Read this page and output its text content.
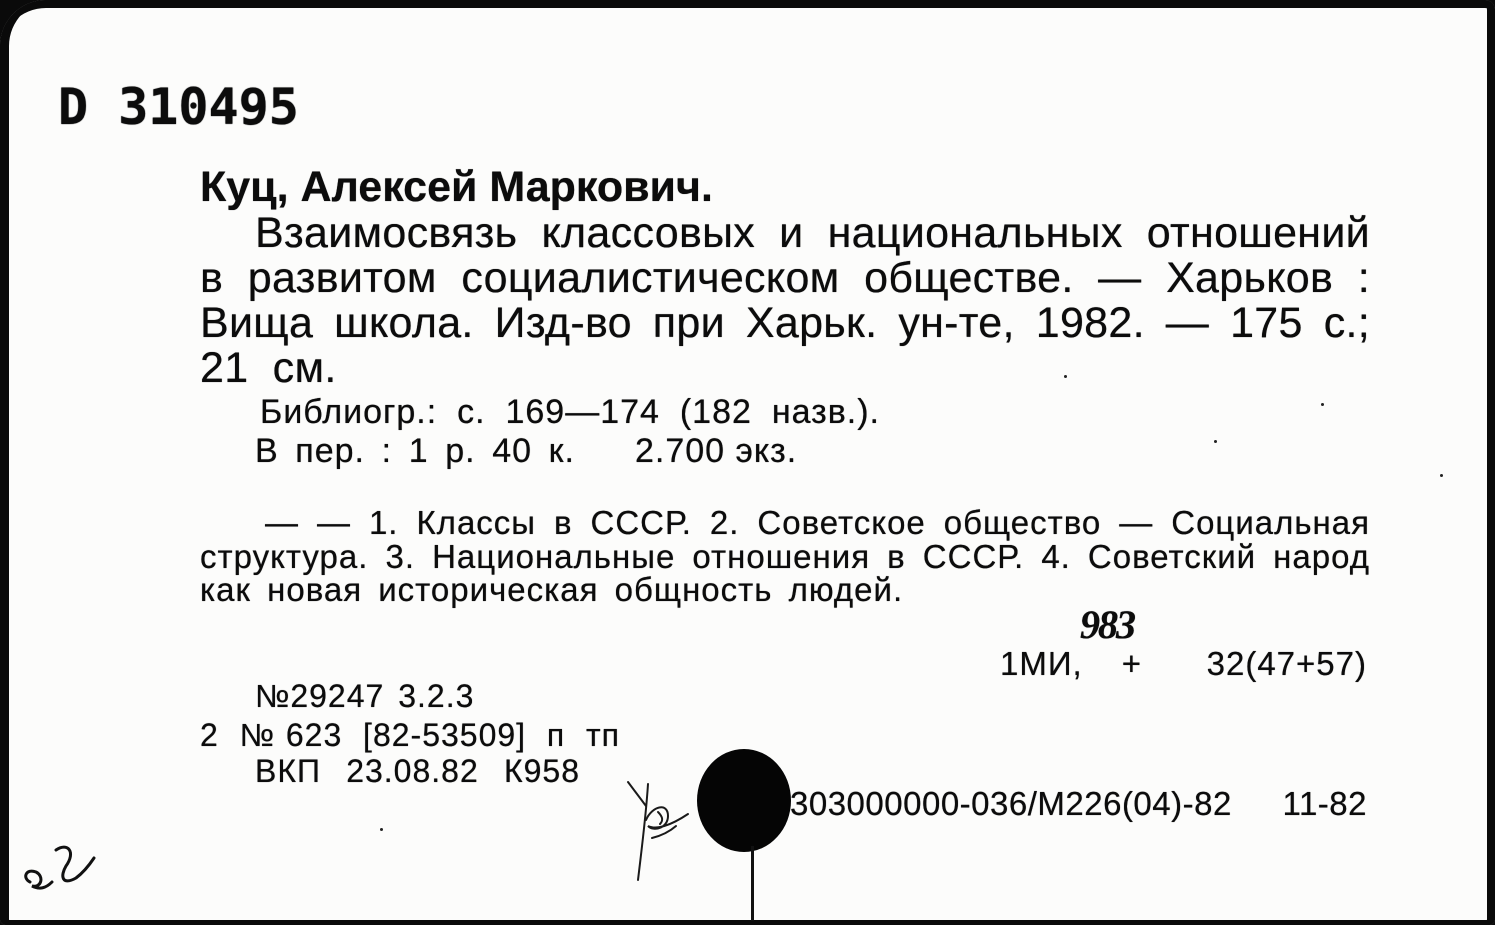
D 310495
Куц, Алексей Маркович.
Взаимосвязь классовых и национальных отношений
в развитом социалистическом обществе. — Харьков :
Вища школа. Изд-во при Харьк. ун-те, 1982. — 175 с.;
21 см.
Библиогр.: с. 169—174 (182 назв.).
В пер. : 1 р. 40 к. 2.700 экз.
— — 1. Классы в СССР. 2. Советское общество — Социальная
структура. 3. Национальные отношения в СССР. 4. Советский народ
как новая историческая общность людей.
983
1МИ, + 32(47+57)
№29247 3.2.3
2 №623 [82-53509] п тп
ВКП 23.08.82 К958
303000000-036/М226(04)-82 11-82
